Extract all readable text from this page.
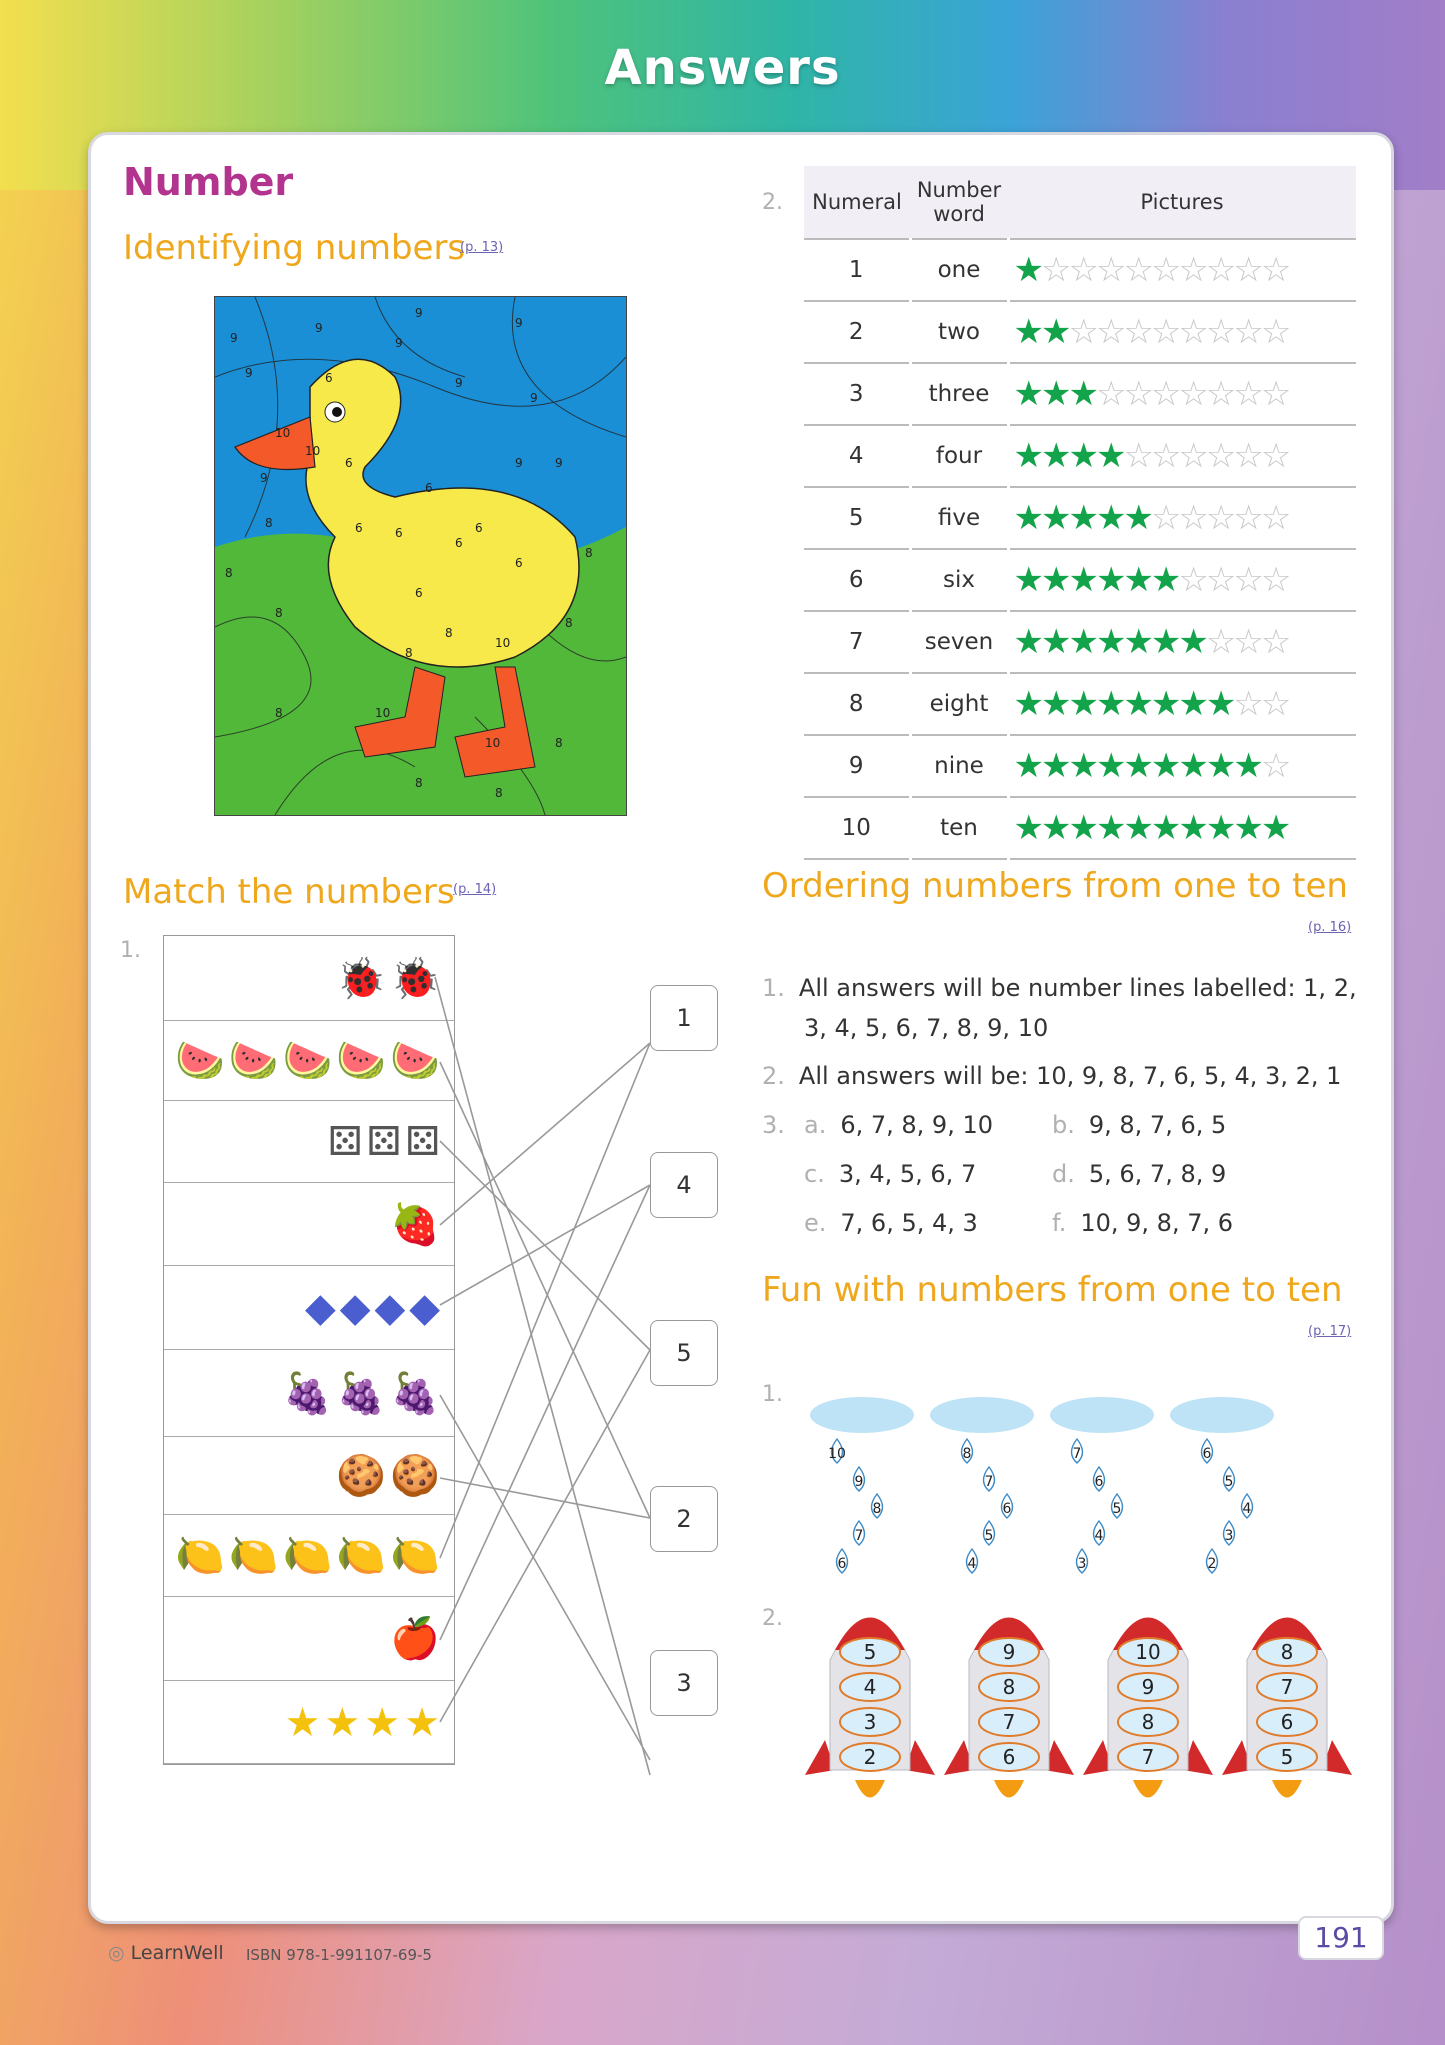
Answers
Number
Identifying numbers
(p. 13)
9
9
9
9
9
9
9
9
9	6
6
10
10
9
6
6
6	6
6
6
6
8
8
8
8
8
8
8
10
8	10
10
8
8
8
9
2. Numeral	Number word	Pictures
1	one	★☆☆☆☆☆☆☆☆☆
2	two	★★☆☆☆☆☆☆☆☆
3	three	★★★☆☆☆☆☆☆☆
4	four	★★★★☆☆☆☆☆☆
5	five	★★★★★☆☆☆☆☆
6	six	★★★★★★☆☆☆☆
7	seven	★★★★★★★☆☆☆
8	eight	★★★★★★★★☆☆
9	nine	★★★★★★★★★☆
10	ten	★★★★★★★★★★
Match the numbers
(p. 14)
1.
🐞 🐞
🍉 🍉 🍉 🍉 🍉
⚄ ⚄ ⚄
🍓
◆ ◆ ◆ ◆
🍇 🍇 🍇
🍪 🍪
🍋 🍋 🍋 🍋 🍋
🍎
★ ★ ★ ★
1
4
5
2
3
Ordering numbers from one to ten
(p. 16)
1. All answers will be number lines labelled: 1, 2,
3, 4, 5, 6, 7, 8, 9, 10
2. All answers will be: 10, 9, 8, 7, 6, 5, 4, 3, 2, 1
3. a. 6, 7, 8, 9, 10 b. 9, 8, 7, 6, 5
c. 3, 4, 5, 6, 7	d. 5, 6, 7, 8, 9
e. 7, 6, 5, 4, 3	f. 10, 9, 8, 7, 6
Fun with numbers from one to ten
(p. 17)
1.
2.
10
9
8
7
6
8
7
6
5
4
7
6
5
4
3
6
5
4
3
2
5
4
3
2
9
8
7
6
10
9
8
7
8
7
6
5
◎ LearnWell ISBN 978-1-991107-69-5
191
